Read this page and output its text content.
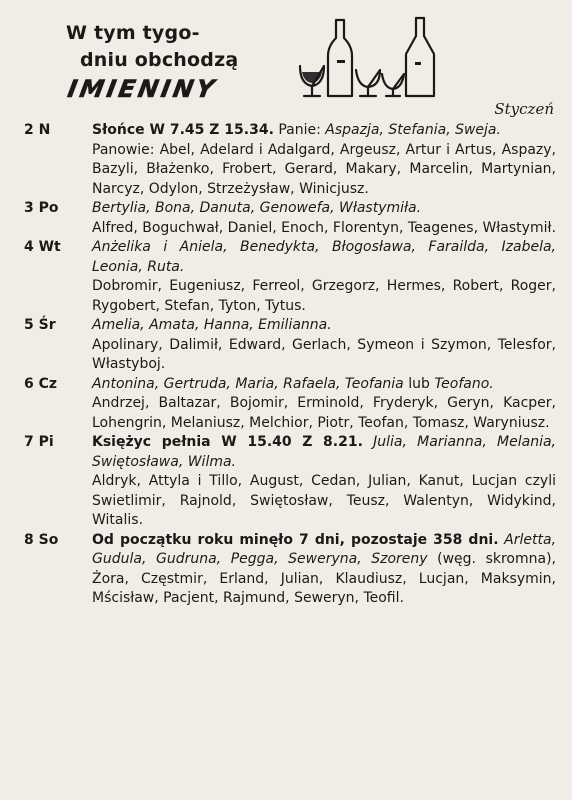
W tym tygo-
dniu obchodzą
IMIENINY
Styczeń
2 N	Słońce W 7.45 Z 15.34. Panie: Aspazja, Stefania, Sweja.

Panowie: Abel, Adelard i Adalgard, Argeusz, Artur i Artus, Aspazy, Bazyli, Błażenko, Frobert, Gerard, Makary, Marcelin, Martynian, Narcyz, Odylon, Strzeżysław, Winicjusz.

3 Po	Bertylia, Bona, Danuta, Genowefa, Włastymiła.

Alfred, Boguchwał, Daniel, Enoch, Florentyn, Teagenes, Włastymił.

4 Wt	Anżelika i Aniela, Benedykta, Błogosława, Farailda, Izabela, Leonia, Ruta.

Dobromir, Eugeniusz, Ferreol, Grzegorz, Hermes, Robert, Roger, Rygobert, Stefan, Tyton, Tytus.

5 Śr	Amelia, Amata, Hanna, Emilianna.

Apolinary, Dalimił, Edward, Gerlach, Symeon i Szymon, Telesfor, Włastyboj.

6 Cz	Antonina, Gertruda, Maria, Rafaela, Teofania lub Teofano.

Andrzej, Baltazar, Bojomir, Erminold, Fryderyk, Geryn, Kacper, Lohengrin, Melaniusz, Melchior, Piotr, Teofan, Tomasz, Waryniusz.

7 Pi	Księżyc pełnia W 15.40 Z 8.21. Julia, Marianna, Melania, Swiętosława, Wilma.

Aldryk, Attyla i Tillo, August, Cedan, Julian, Kanut, Lucjan czyli Swietlimir, Rajnold, Swiętosław, Teusz, Walentyn, Widykind, Witalis.

8 So	Od początku roku minęło 7 dni, pozostaje 358 dni. Arletta, Gudula, Gudruna, Pegga, Seweryna, Szoreny (węg. skromna), Żora, Częstmir, Erland, Julian, Klaudiusz, Lucjan, Maksymin, Mścisław, Pacjent, Rajmund, Seweryn, Teofil.
